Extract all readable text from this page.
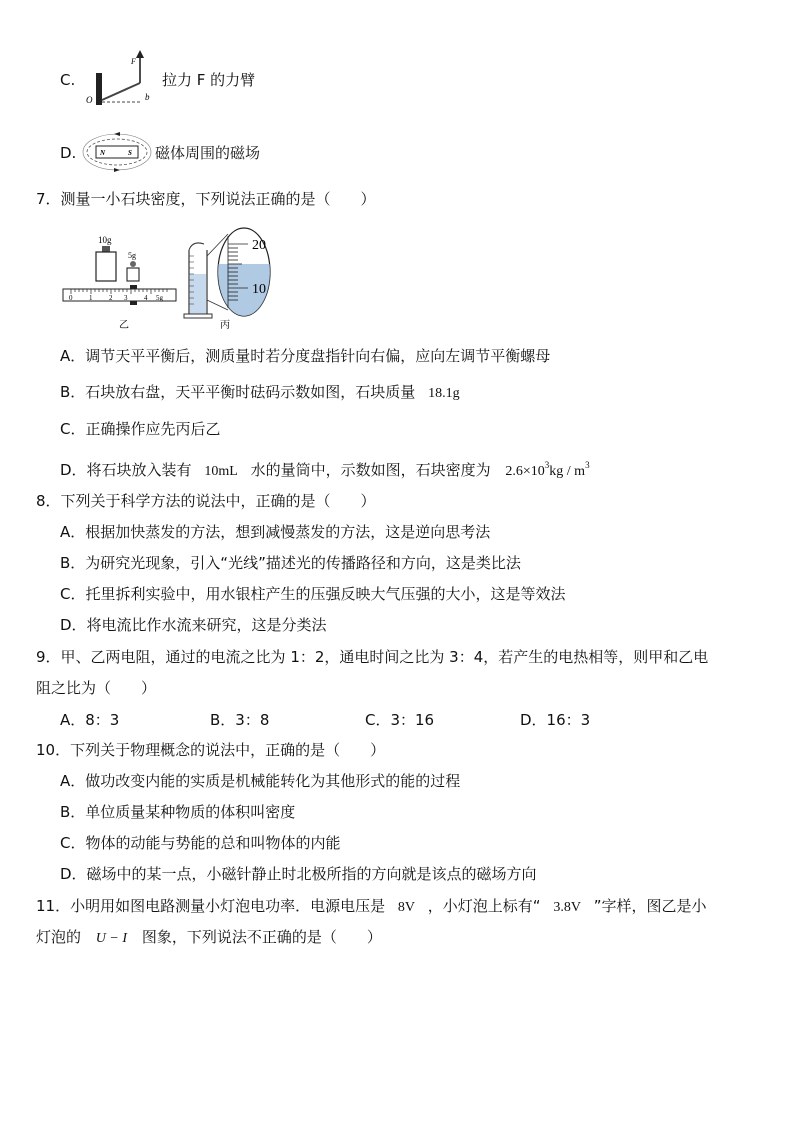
C.
F
O	b
拉力 F 的力臂
D.	N	S 磁体周围的磁场
7．测量一小石块密度，下列说法正确的是（　　）
10g
5g
0 1 2 3 4 5g
乙
20
10
丙
A．调节天平平衡后，测质量时若分度盘指针向右偏，应向左调节平衡螺母
B．石块放右盘，天平平衡时砝码示数如图，石块质量 18.1g
C．正确操作应先丙后乙
D．将石块放入装有 10mL 水的量筒中，示数如图，石块密度为 $2.6\times 10^3kg / m^3$
8．下列关于科学方法的说法中，正确的是（　　）
A．根据加快蒸发的方法，想到减慢蒸发的方法，这是逆向思考法
B．为研究光现象，引入“光线”描述光的传播路径和方向，这是类比法
C．托里拆利实验中，用水银柱产生的压强反映大气压强的大小，这是等效法
D．将电流比作水流来研究，这是分类法
9．甲、乙两电阻，通过的电流之比为 1：2，通电时间之比为 3：4，若产生的电热相等，则甲和乙电
阻之比为（　　）
A．8：3	B．3：8	C．3：16	D．16：3
10．下列关于物理概念的说法中，正确的是（　　）
A．做功改变内能的实质是机械能转化为其他形式的能的过程
B．单位质量某种物质的体积叫密度
C．物体的动能与势能的总和叫物体的内能
D．磁场中的某一点，小磁针静止时北极所指的方向就是该点的磁场方向
11．小明用如图电路测量小灯泡电功率．电源电压是 8V ，小灯泡上标有“ 3.8V ”字样，图乙是小
灯泡的 U − I 图象，下列说法不正确的是（　　）
